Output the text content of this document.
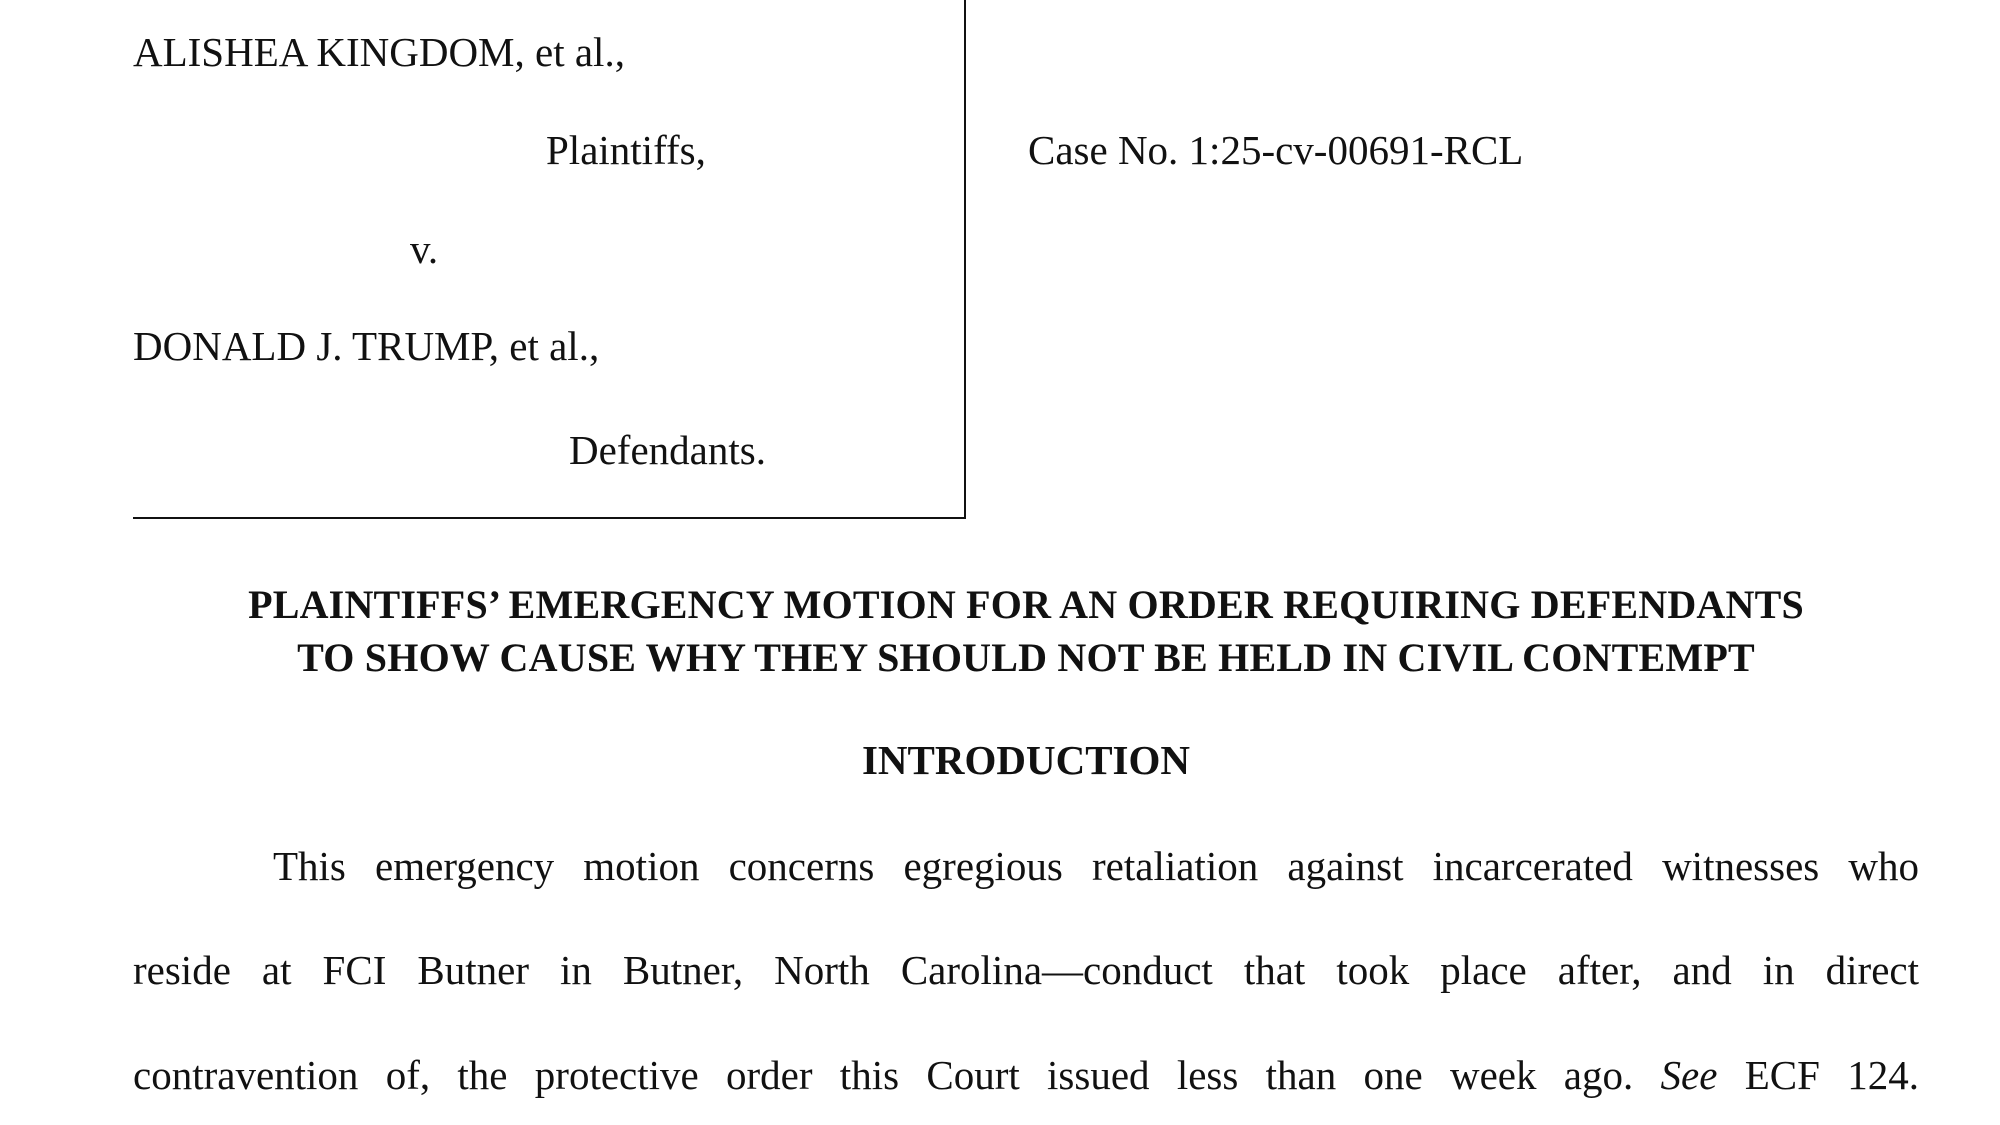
ALISHEA KINGDOM, et al.,
Plaintiffs,
v.
DONALD J. TRUMP, et al.,
Defendants.
Case No. 1:25-cv-00691-RCL
PLAINTIFFS’ EMERGENCY MOTION FOR AN ORDER REQUIRING DEFENDANTS
TO SHOW CAUSE WHY THEY SHOULD NOT BE HELD IN CIVIL CONTEMPT
INTRODUCTION
This emergency motion concerns egregious retaliation against incarcerated witnesses who
reside at FCI Butner in Butner, North Carolina—conduct that took place after, and in direct
contravention of, the protective order this Court issued less than one week ago. See ECF 124.
